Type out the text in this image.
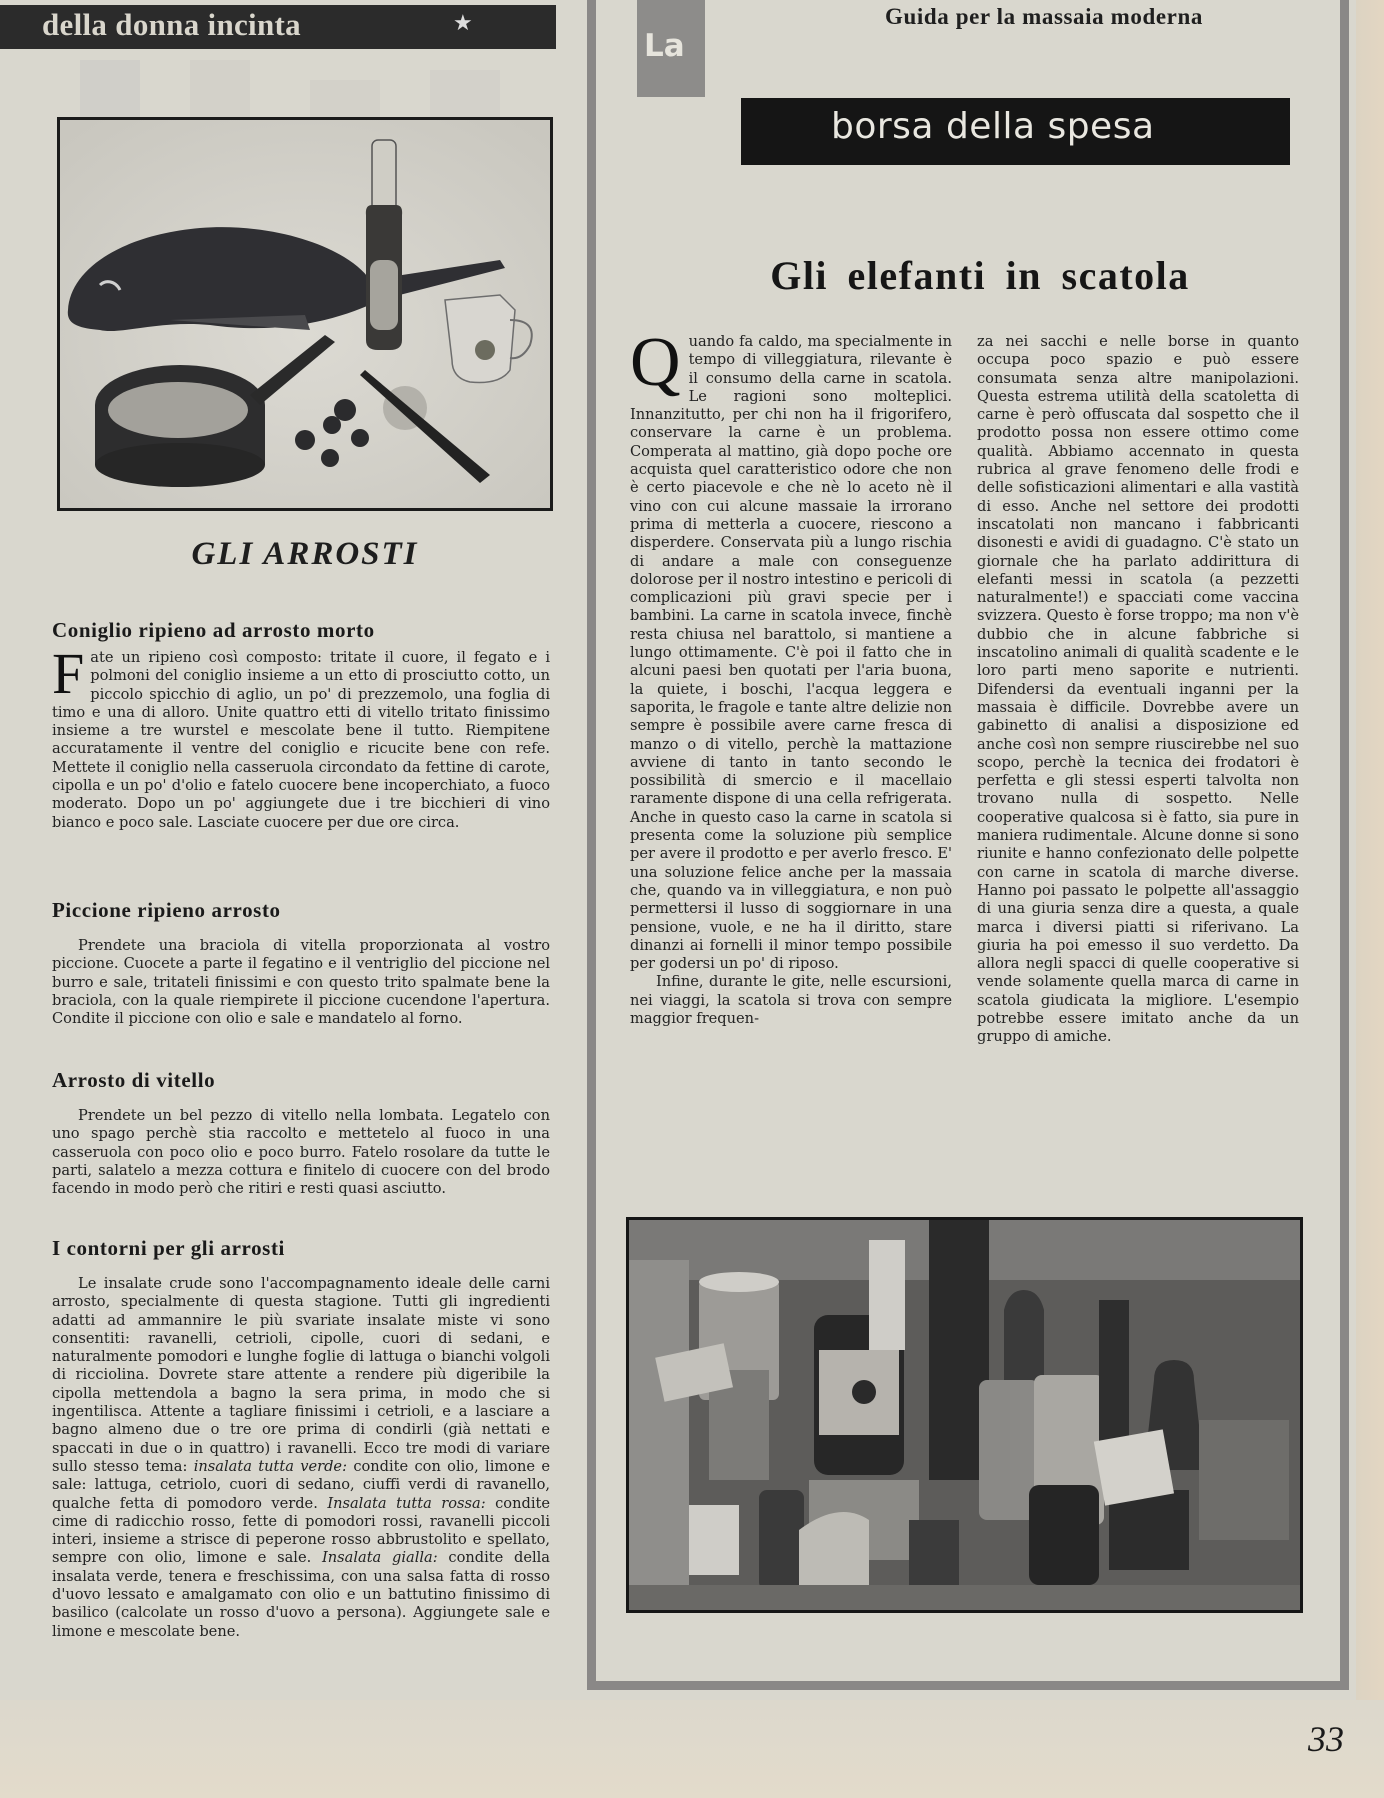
della donna incinta	★
GLI ARROSTI
Coniglio ripieno ad arrosto morto
Fate un ripieno così composto: tritate il cuore, il fegato e i polmoni del coniglio insieme a un etto di prosciutto cotto, un piccolo spicchio di aglio, un po' di prezzemolo, una foglia di timo e una di alloro. Unite quattro etti di vitello tritato finissimo insieme a tre wurstel e mescolate bene il tutto. Riempitene accuratamente il ventre del coniglio e ricucite bene con refe. Mettete il coniglio nella casseruola circondato da fettine di carote, cipolla e un po' d'olio e fatelo cuocere bene incoperchiato, a fuoco moderato. Dopo un po' aggiungete due i tre bicchieri di vino bianco e poco sale. Lasciate cuocere per due ore circa.
Piccione ripieno arrosto
Prendete una braciola di vitella proporzionata al vostro piccione. Cuocete a parte il fegatino e il ventriglio del piccione nel burro e sale, tritateli finissimi e con questo trito spalmate bene la braciola, con la quale riempirete il piccione cucendone l'apertura. Condite il piccione con olio e sale e mandatelo al forno.
Arrosto di vitello
Prendete un bel pezzo di vitello nella lombata. Legatelo con uno spago perchè stia raccolto e mettetelo al fuoco in una casseruola con poco olio e poco burro. Fatelo rosolare da tutte le parti, salatelo a mezza cottura e finitelo di cuocere con del brodo facendo in modo però che ritiri e resti quasi asciutto.
I contorni per gli arrosti
Le insalate crude sono l'accompagnamento ideale delle carni arrosto, specialmente di questa stagione. Tutti gli ingredienti adatti ad ammannire le più svariate insalate miste vi sono consentiti: ravanelli, cetrioli, cipolle, cuori di sedani, e naturalmente pomodori e lunghe foglie di lattuga o bianchi volgoli di ricciolina. Dovrete stare attente a rendere più digeribile la cipolla mettendola a bagno la sera prima, in modo che si ingentilisca. Attente a tagliare finissimi i cetrioli, e a lasciare a bagno almeno due o tre ore prima di condirli (già nettati e spaccati in due o in quattro) i ravanelli. Ecco tre modi di variare sullo stesso tema: insalata tutta verde: condite con olio, limone e sale: lattuga, cetriolo, cuori di sedano, ciuffi verdi di ravanello, qualche fetta di pomodoro verde. Insalata tutta rossa: condite cime di radicchio rosso, fette di pomodori rossi, ravanelli piccoli interi, insieme a strisce di peperone rosso abbrustolito e spellato, sempre con olio, limone e sale. Insalata gialla: condite della insalata verde, tenera e freschissima, con una salsa fatta di rosso d'uovo lessato e amalgamato con olio e un battutino finissimo di basilico (calcolate un rosso d'uovo a persona). Aggiungete sale e limone e mescolate bene.
La
Guida per la massaia moderna
borsa della spesa
Gli elefanti in scatola
Quando fa caldo, ma specialmente in tempo di villeggiatura, rilevante è il consumo della carne in scatola. Le ragioni sono molteplici. Innanzitutto, per chi non ha il frigorifero, conservare la carne è un problema. Comperata al mattino, già dopo poche ore acquista quel caratteristico odore che non è certo piacevole e che nè lo aceto nè il vino con cui alcune massaie la irrorano prima di metterla a cuocere, riescono a disperdere. Conservata più a lungo rischia di andare a male con conseguenze dolorose per il nostro intestino e pericoli di complicazioni più gravi specie per i bambini. La carne in scatola invece, finchè resta chiusa nel barattolo, si mantiene a lungo ottimamente. C'è poi il fatto che in alcuni paesi ben quotati per l'aria buona, la quiete, i boschi, l'acqua leggera e saporita, le fragole e tante altre delizie non sempre è possibile avere carne fresca di manzo o di vitello, perchè la mattazione avviene di tanto in tanto secondo le possibilità di smercio e il macellaio raramente dispone di una cella refrigerata. Anche in questo caso la carne in scatola si presenta come la soluzione più semplice per avere il prodotto e per averlo fresco. E' una soluzione felice anche per la massaia che, quando va in villeggiatura, e non può permettersi il lusso di soggiornare in una pensione, vuole, e ne ha il diritto, stare dinanzi ai fornelli il minor tempo possibile per godersi un po' di riposo.
Infine, durante le gite, nelle escursioni, nei viaggi, la scatola si trova con sempre maggior frequen-
za nei sacchi e nelle borse in quanto occupa poco spazio e può essere consumata senza altre manipolazioni. Questa estrema utilità della scatoletta di carne è però offuscata dal sospetto che il prodotto possa non essere ottimo come qualità. Abbiamo accennato in questa rubrica al grave fenomeno delle frodi e delle sofisticazioni alimentari e alla vastità di esso. Anche nel settore dei prodotti inscatolati non mancano i fabbricanti disonesti e avidi di guadagno. C'è stato un giornale che ha parlato addirittura di elefanti messi in scatola (a pezzetti naturalmente!) e spacciati come vaccina svizzera. Questo è forse troppo; ma non v'è dubbio che in alcune fabbriche si inscatolino animali di qualità scadente e le loro parti meno saporite e nutrienti. Difendersi da eventuali inganni per la massaia è difficile. Dovrebbe avere un gabinetto di analisi a disposizione ed anche così non sempre riuscirebbe nel suo scopo, perchè la tecnica dei frodatori è perfetta e gli stessi esperti talvolta non trovano nulla di sospetto. Nelle cooperative qualcosa si è fatto, sia pure in maniera rudimentale. Alcune donne si sono riunite e hanno confezionato delle polpette con carne in scatola di marche diverse. Hanno poi passato le polpette all'assaggio di una giuria senza dire a questa, a quale marca i diversi piatti si riferivano. La giuria ha poi emesso il suo verdetto. Da allora negli spacci di quelle cooperative si vende solamente quella marca di carne in scatola giudicata la migliore. L'esempio potrebbe essere imitato anche da un gruppo di amiche.
33
